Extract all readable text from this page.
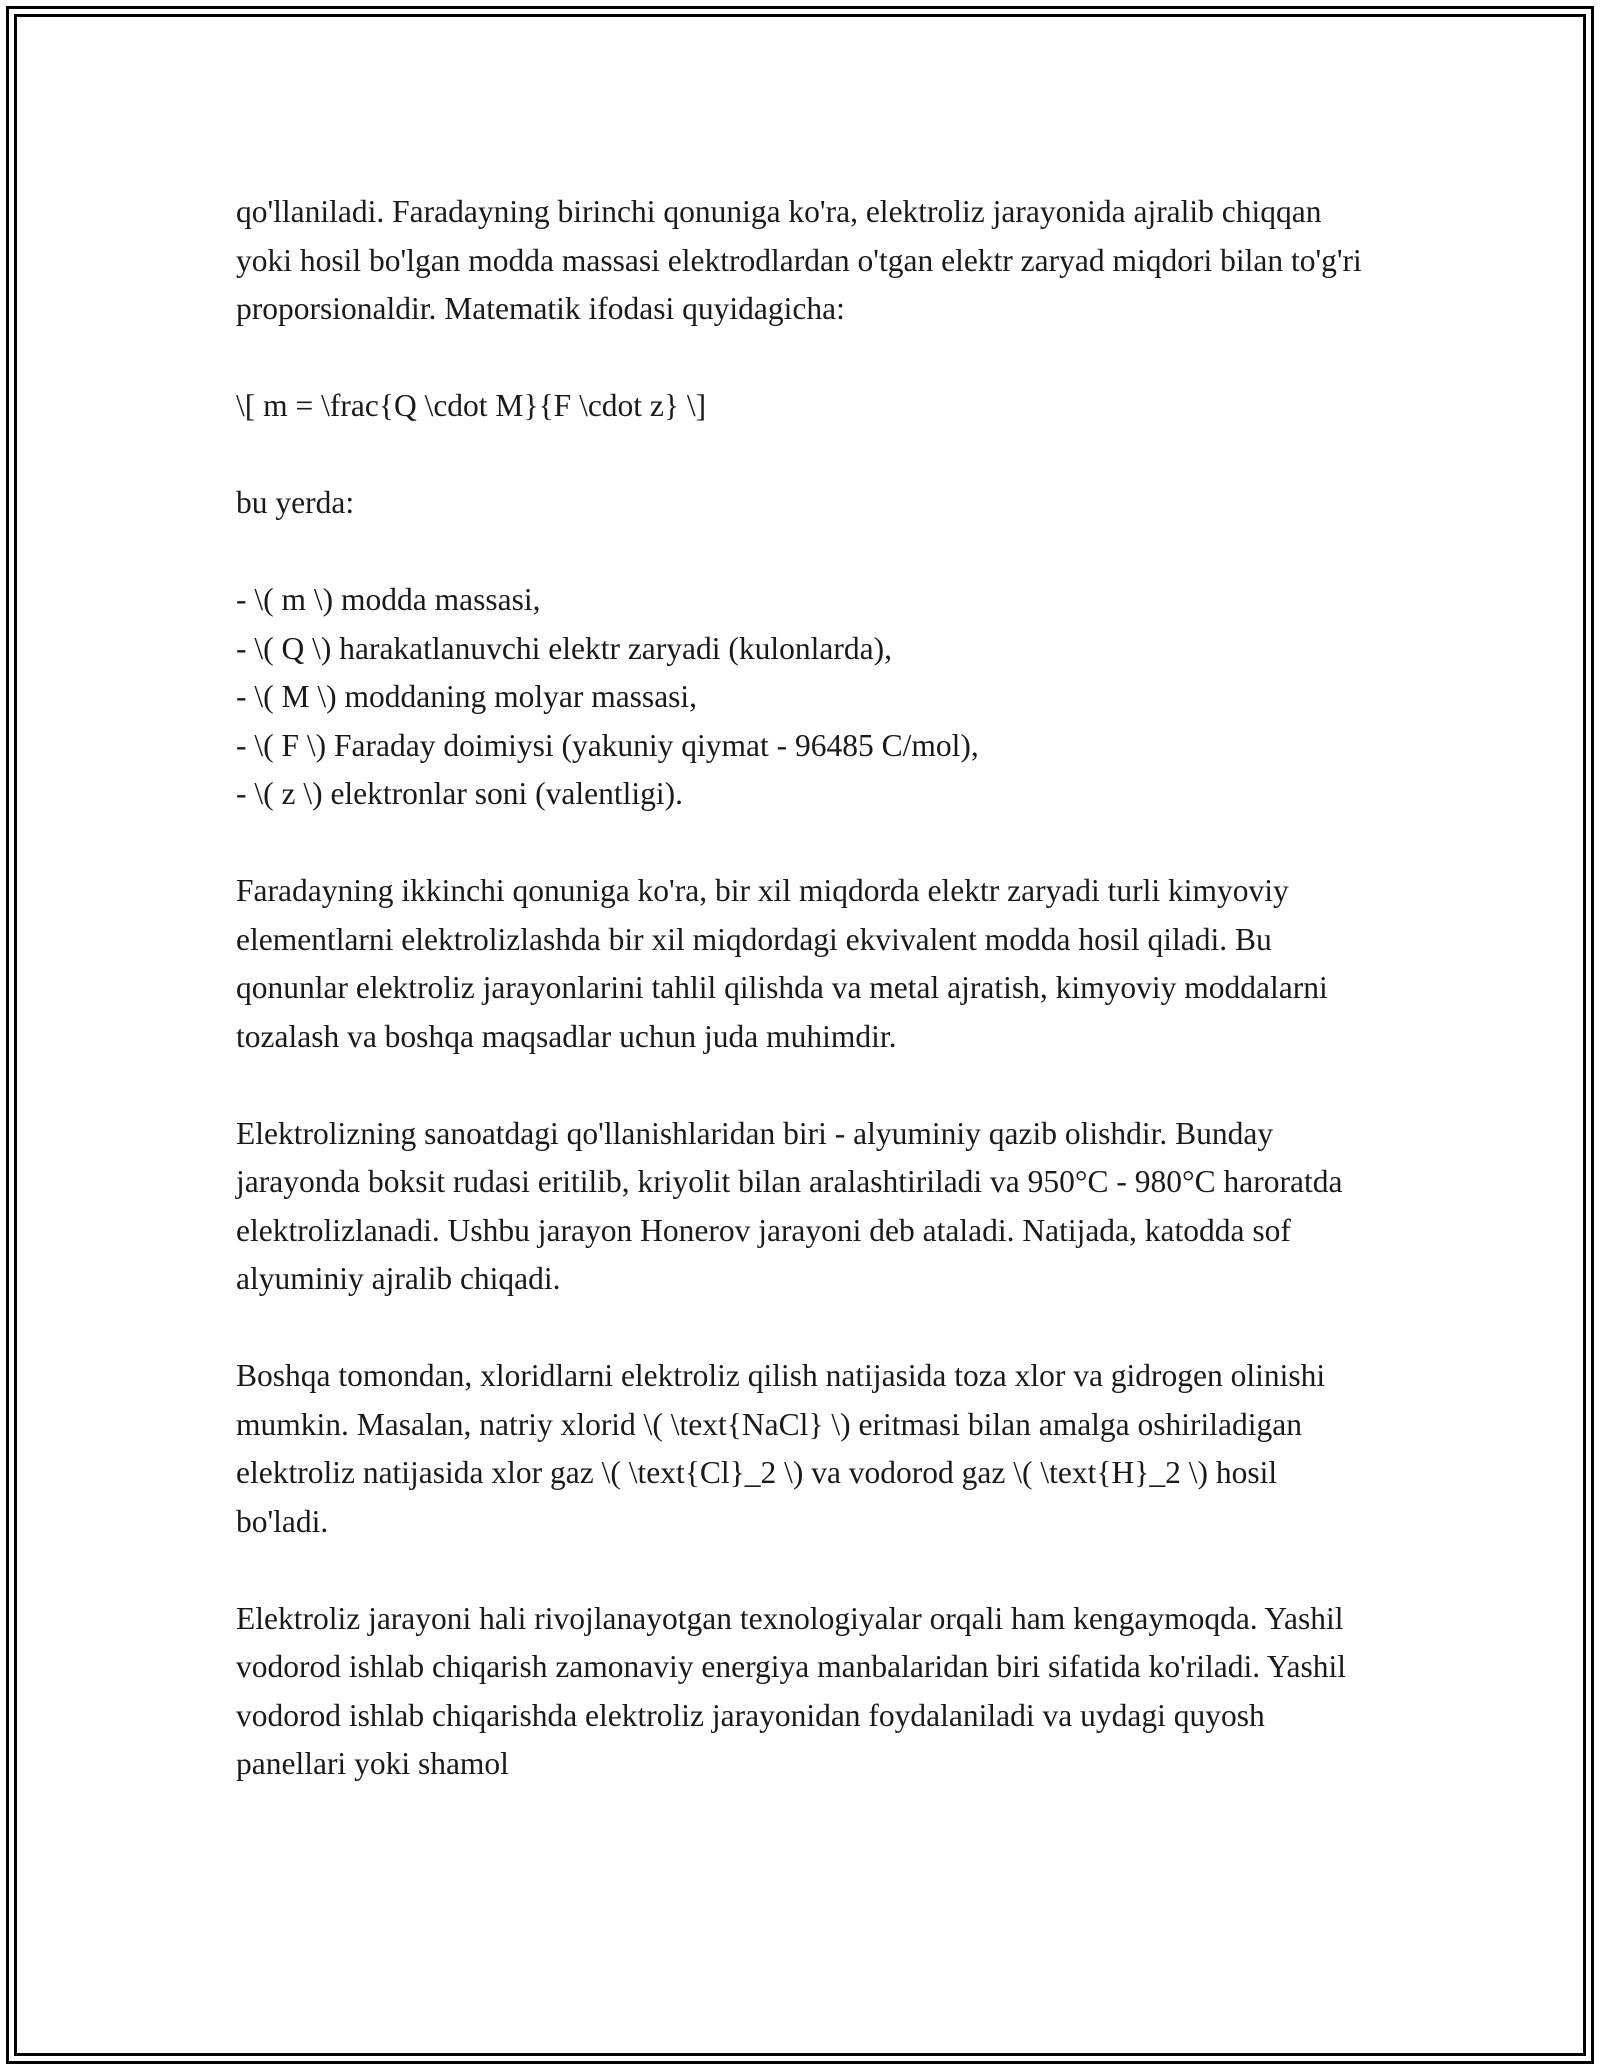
qo'llaniladi. Faradayning birinchi qonuniga ko'ra, elektroliz jarayonida ajralib chiqqan yoki hosil bo'lgan modda massasi elektrodlardan o'tgan elektr zaryad miqdori bilan to'g'ri proporsionaldir. Matematik ifodasi quyidagicha:

\[ m = \frac{Q \cdot M}{F \cdot z} \]

bu yerda:

- \( m \) modda massasi,
- \( Q \) harakatlanuvchi elektr zaryadi (kulonlarda),
- \( M \) moddaning molyar massasi,
- \( F \) Faraday doimiysi (yakuniy qiymat - 96485 C/mol),
- \( z \) elektronlar soni (valentligi).

Faradayning ikkinchi qonuniga ko'ra, bir xil miqdorda elektr zaryadi turli kimyoviy elementlarni elektrolizlashda bir xil miqdordagi ekvivalent modda hosil qiladi. Bu qonunlar elektroliz jarayonlarini tahlil qilishda va metal ajratish, kimyoviy moddalarni tozalash va boshqa maqsadlar uchun juda muhimdir.

Elektrolizning sanoatdagi qo'llanishlaridan biri - alyuminiy qazib olishdir. Bunday jarayonda boksit rudasi eritilib, kriyolit bilan aralashtiriladi va 950°C - 980°C haroratda elektrolizlanadi. Ushbu jarayon Honerov jarayoni deb ataladi. Natijada, katodda sof alyuminiy ajralib chiqadi.

Boshqa tomondan, xloridlarni elektroliz qilish natijasida toza xlor va gidrogen olinishi mumkin. Masalan, natriy xlorid \( \text{NaCl} \) eritmasi bilan amalga oshiriladigan elektroliz natijasida xlor gaz \( \text{Cl}_2 \) va vodorod gaz \( \text{H}_2 \) hosil bo'ladi.

Elektroliz jarayoni hali rivojlanayotgan texnologiyalar orqali ham kengaymoqda. Yashil vodorod ishlab chiqarish zamonaviy energiya manbalaridan biri sifatida ko'riladi. Yashil vodorod ishlab chiqarishda elektroliz jarayonidan foydalaniladi va uydagi quyosh panellari yoki shamol
